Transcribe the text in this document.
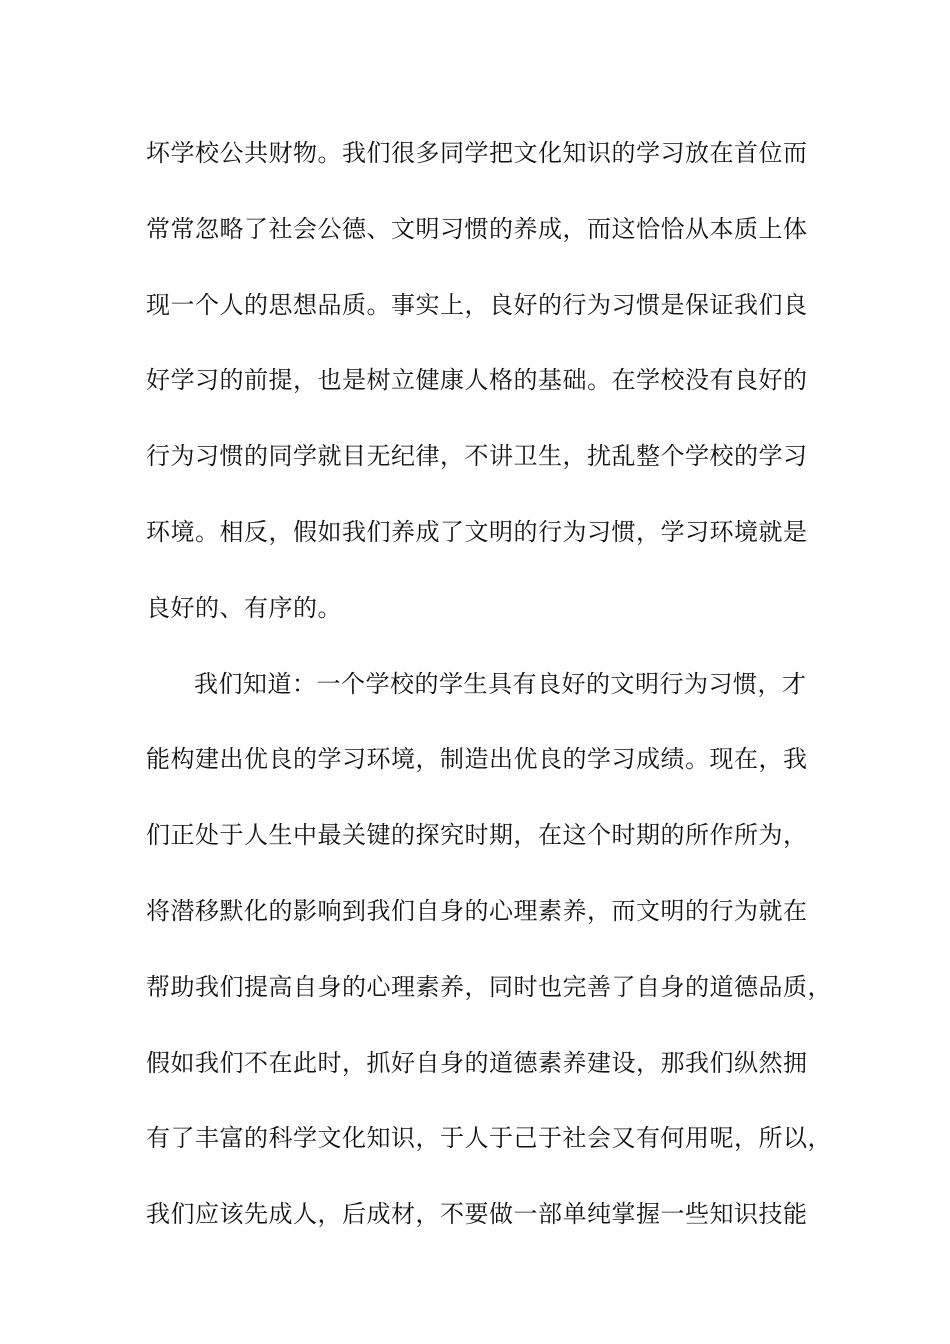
坏学校公共财物。我们很多同学把文化知识的学习放在首位而
常常忽略了社会公德、文明习惯的养成，而这恰恰从本质上体
现一个人的思想品质。事实上，良好的行为习惯是保证我们良
好学习的前提，也是树立健康人格的基础。在学校没有良好的
行为习惯的同学就目无纪律，不讲卫生，扰乱整个学校的学习
环境。相反，假如我们养成了文明的行为习惯，学习环境就是
良好的、有序的。
我们知道：一个学校的学生具有良好的文明行为习惯，才
能构建出优良的学习环境，制造出优良的学习成绩。现在，我
们正处于人生中最关键的探究时期，在这个时期的所作所为，
将潜移默化的影响到我们自身的心理素养，而文明的行为就在
帮助我们提高自身的心理素养，同时也完善了自身的道德品质，
假如我们不在此时，抓好自身的道德素养建设，那我们纵然拥
有了丰富的科学文化知识，于人于己于社会又有何用呢，所以，
我们应该先成人，后成材，不要做一部单纯掌握一些知识技能
